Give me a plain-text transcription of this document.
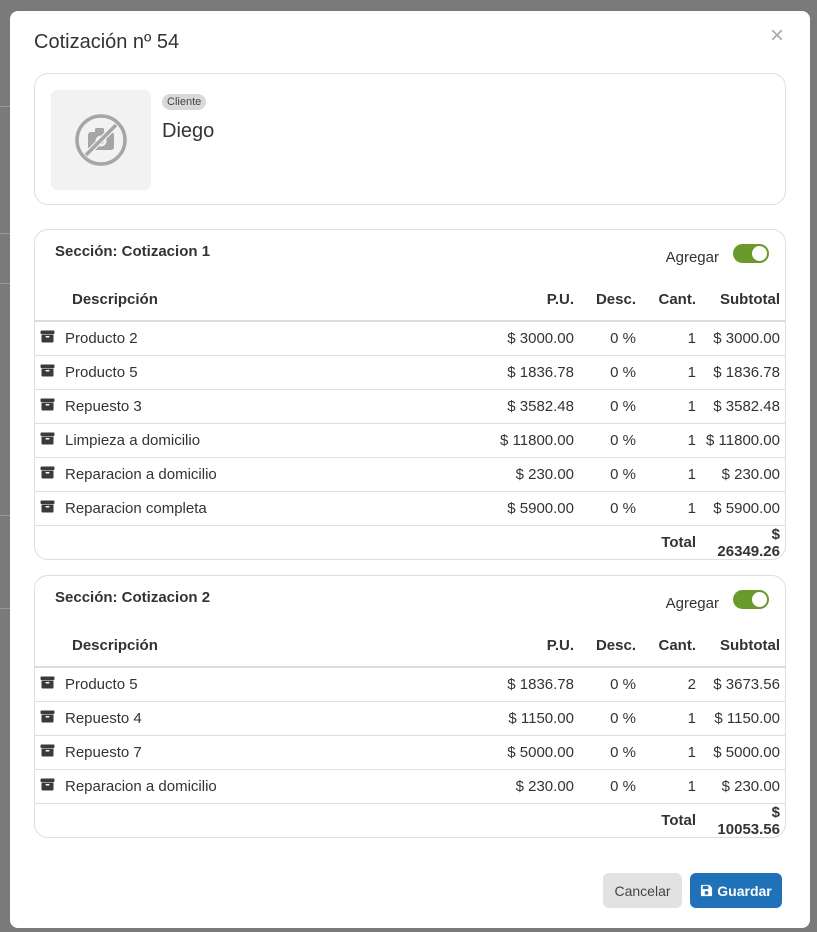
Cotización nº 54	×
Cliente
Diego
Sección: Cotizacion 1	Agregar
Descripción		P.U.	Desc.	Cant.	Subtotal
	Producto 2	$ 3000.00	0 %	1	$ 3000.00
	Producto 5	$ 1836.78	0 %	1	$ 1836.78
	Repuesto 3	$ 3582.48	0 %	1	$ 3582.48
	Limpieza a domicilio	$ 11800.00	0 %	1	$ 11800.00
	Reparacion a domicilio	$ 230.00	0 %	1	$ 230.00
	Reparacion completa	$ 5900.00	0 %	1	$ 5900.00
Total					$ 26349.26
Sección: Cotizacion 2	Agregar
Descripción		P.U.	Desc.	Cant.	Subtotal
	Producto 5	$ 1836.78	0 %	2	$ 3673.56
	Repuesto 4	$ 1150.00	0 %	1	$ 1150.00
	Repuesto 7	$ 5000.00	0 %	1	$ 5000.00
	Reparacion a domicilio	$ 230.00	0 %	1	$ 230.00
Total					$ 10053.56
Cancelar	Guardar
